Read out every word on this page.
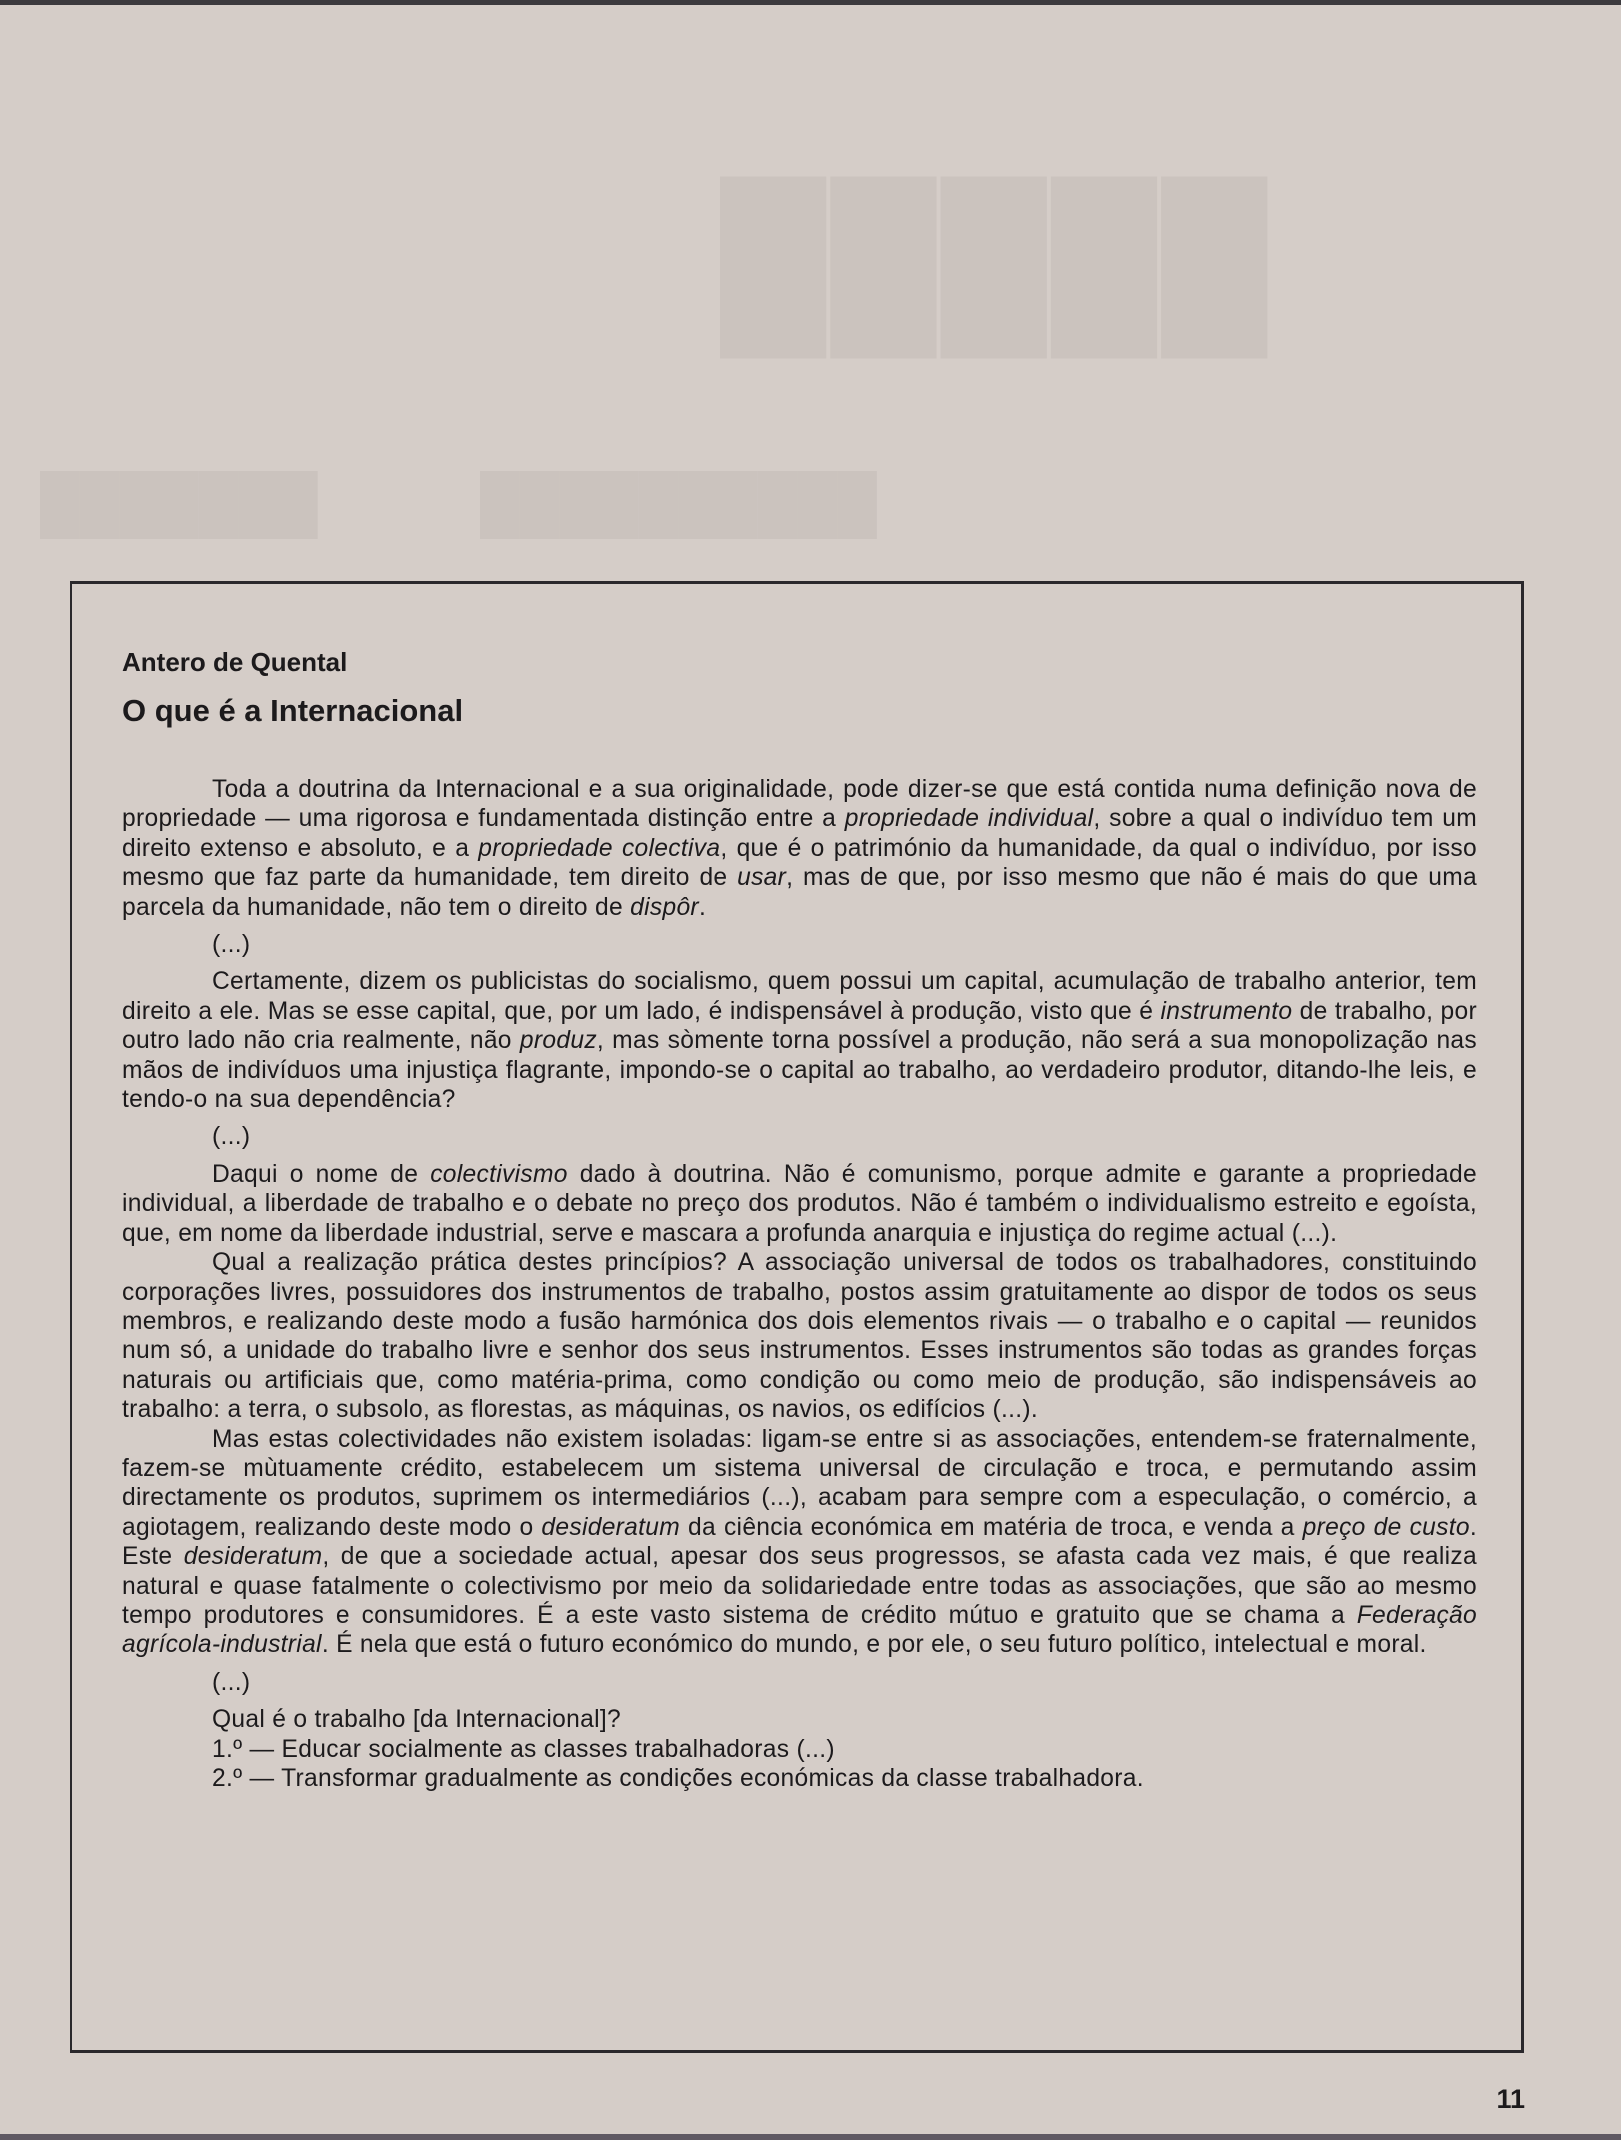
█████
███████	██████████

Antero de Quental

O que é a Internacional

Toda a doutrina da Internacional e a sua originalidade, pode dizer-se que está contida numa definição nova de propriedade — uma rigorosa e fundamentada distinção entre a propriedade individual, sobre a qual o indivíduo tem um direito extenso e absoluto, e a propriedade colectiva, que é o património da humanidade, da qual o indivíduo, por isso mesmo que faz parte da humanidade, tem direito de usar, mas de que, por isso mesmo que não é mais do que uma parcela da humanidade, não tem o direito de dispôr.

(...)

Certamente, dizem os publicistas do socialismo, quem possui um capital, acumulação de trabalho anterior, tem direito a ele. Mas se esse capital, que, por um lado, é indispensável à produção, visto que é instrumento de trabalho, por outro lado não cria realmente, não produz, mas sòmente torna possível a produção, não será a sua monopolização nas mãos de indivíduos uma injustiça flagrante, impondo-se o capital ao trabalho, ao verdadeiro produtor, ditando-lhe leis, e tendo-o na sua dependência?

(...)

Daqui o nome de colectivismo dado à doutrina. Não é comunismo, porque admite e garante a propriedade individual, a liberdade de trabalho e o debate no preço dos produtos. Não é também o individualismo estreito e egoísta, que, em nome da liberdade industrial, serve e mascara a profunda anarquia e injustiça do regime actual (...).

Qual a realização prática destes princípios? A associação universal de todos os trabalhadores, constituindo corporações livres, possuidores dos instrumentos de trabalho, postos assim gratuitamente ao dispor de todos os seus membros, e realizando deste modo a fusão harmónica dos dois elementos rivais — o trabalho e o capital — reunidos num só, a unidade do trabalho livre e senhor dos seus instrumentos. Esses instrumentos são todas as grandes forças naturais ou artificiais que, como matéria-prima, como condição ou como meio de produção, são indispensáveis ao trabalho: a terra, o subsolo, as florestas, as máquinas, os navios, os edifícios (...).

Mas estas colectividades não existem isoladas: ligam-se entre si as associações, entendem-se fraternalmente, fazem-se mùtuamente crédito, estabelecem um sistema universal de circulação e troca, e permutando assim directamente os produtos, suprimem os intermediários (...), acabam para sempre com a especulação, o comércio, a agiotagem, realizando deste modo o desideratum da ciência económica em matéria de troca, e venda a preço de custo. Este desideratum, de que a sociedade actual, apesar dos seus progressos, se afasta cada vez mais, é que realiza natural e quase fatalmente o colectivismo por meio da solidariedade entre todas as associações, que são ao mesmo tempo produtores e consumidores. É a este vasto sistema de crédito mútuo e gratuito que se chama a Federação agrícola-industrial. É nela que está o futuro económico do mundo, e por ele, o seu futuro político, intelectual e moral.

(...)

Qual é o trabalho [da Internacional]?

1.º — Educar socialmente as classes trabalhadoras (...)

2.º — Transformar gradualmente as condições económicas da classe trabalhadora.

11
